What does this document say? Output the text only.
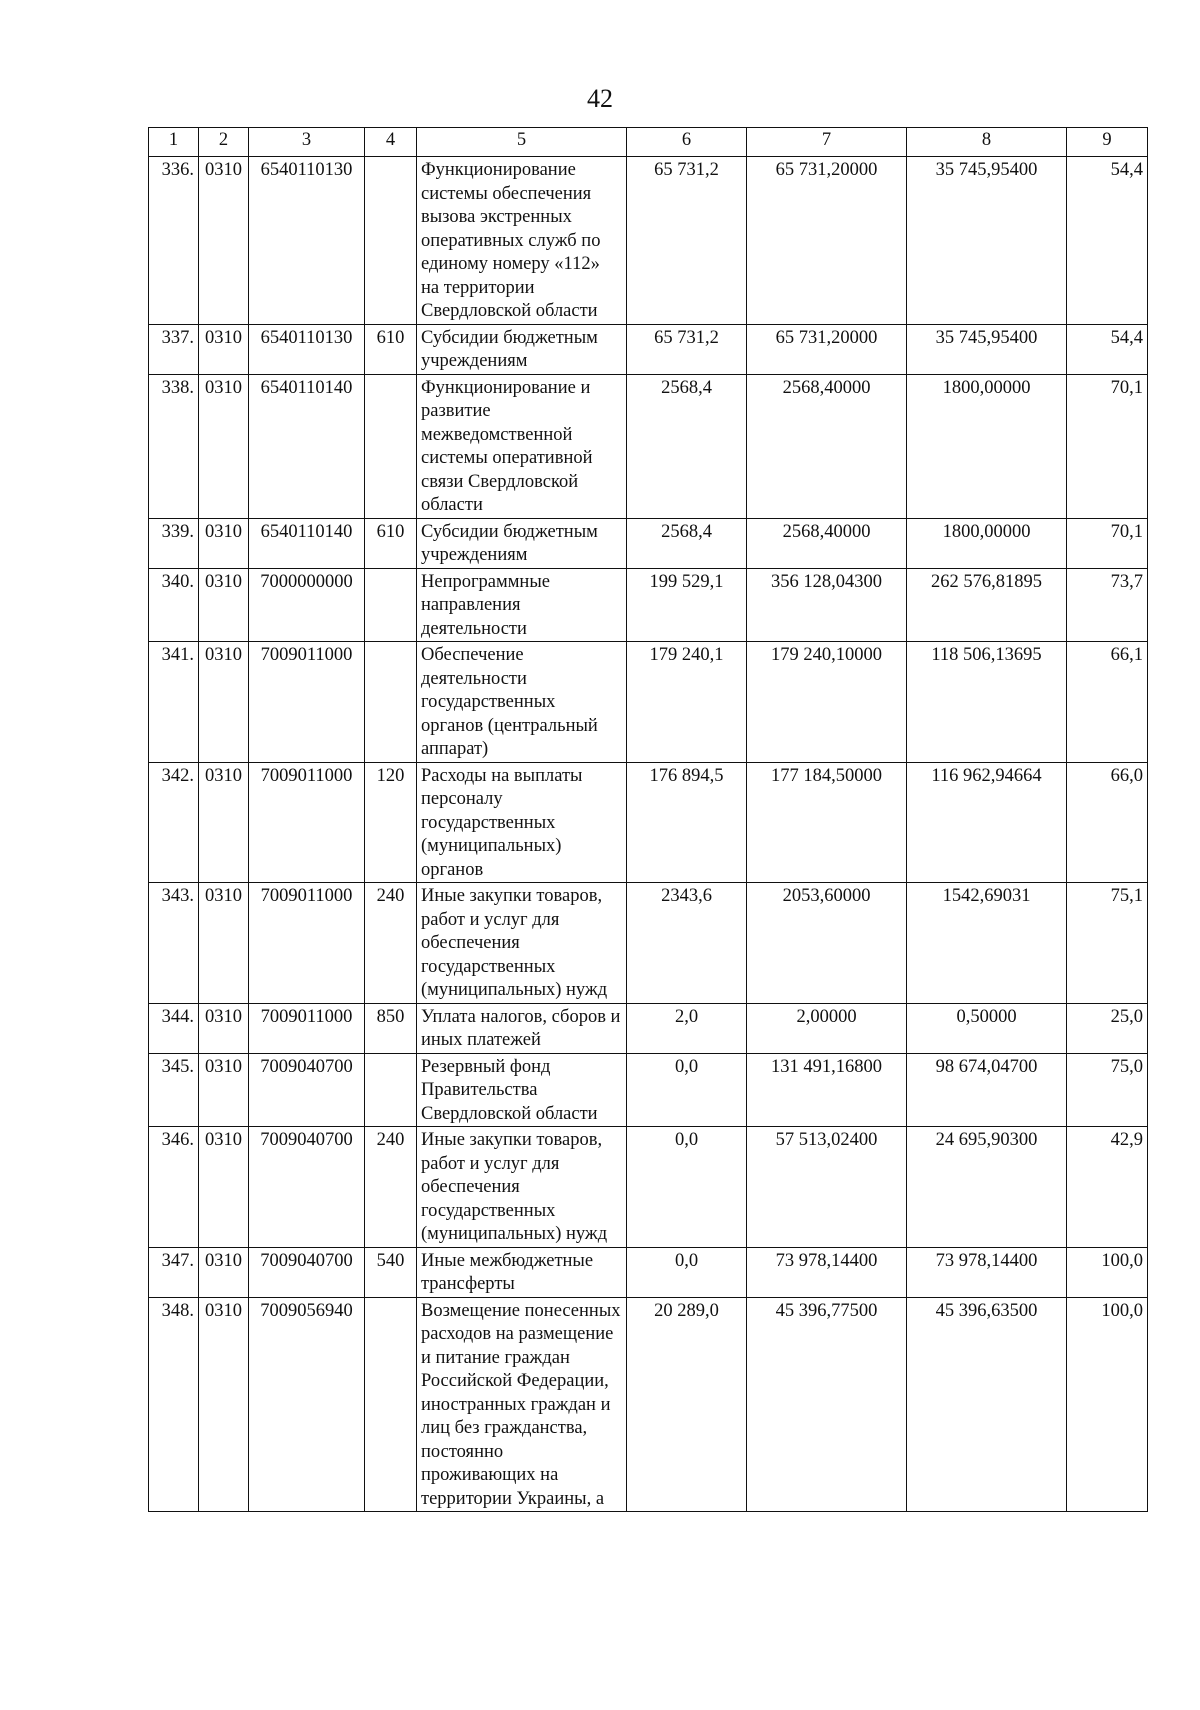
42
1	2	3	4	5	6	7	8	9
336.	0310	6540110130		Функционирование системы обеспечения вызова экстренных оперативных служб по единому номеру «112» на территории Свердловской области	65 731,2	65 731,20000	35 745,95400	54,4
337.	0310	6540110130	610	Субсидии бюджетным учреждениям	65 731,2	65 731,20000	35 745,95400	54,4
338.	0310	6540110140		Функционирование и развитие межведомственной системы оперативной связи Свердловской области	2568,4	2568,40000	1800,00000	70,1
339.	0310	6540110140	610	Субсидии бюджетным учреждениям	2568,4	2568,40000	1800,00000	70,1
340.	0310	7000000000		Непрограммные направления деятельности	199 529,1	356 128,04300	262 576,81895	73,7
341.	0310	7009011000		Обеспечение деятельности государственных органов (центральный аппарат)	179 240,1	179 240,10000	118 506,13695	66,1
342.	0310	7009011000	120	Расходы на выплаты персоналу государственных (муниципальных) органов	176 894,5	177 184,50000	116 962,94664	66,0
343.	0310	7009011000	240	Иные закупки товаров, работ и услуг для обеспечения государственных (муниципальных) нужд	2343,6	2053,60000	1542,69031	75,1
344.	0310	7009011000	850	Уплата налогов, сборов и иных платежей	2,0	2,00000	0,50000	25,0
345.	0310	7009040700		Резервный фонд Правительства Свердловской области	0,0	131 491,16800	98 674,04700	75,0
346.	0310	7009040700	240	Иные закупки товаров, работ и услуг для обеспечения государственных (муниципальных) нужд	0,0	57 513,02400	24 695,90300	42,9
347.	0310	7009040700	540	Иные межбюджетные трансферты	0,0	73 978,14400	73 978,14400	100,0
348.	0310	7009056940		Возмещение понесенных расходов на размещение и питание граждан Российской Федерации, иностранных граждан и лиц без гражданства, постоянно проживающих на территории Украины, а	20 289,0	45 396,77500	45 396,63500	100,0
